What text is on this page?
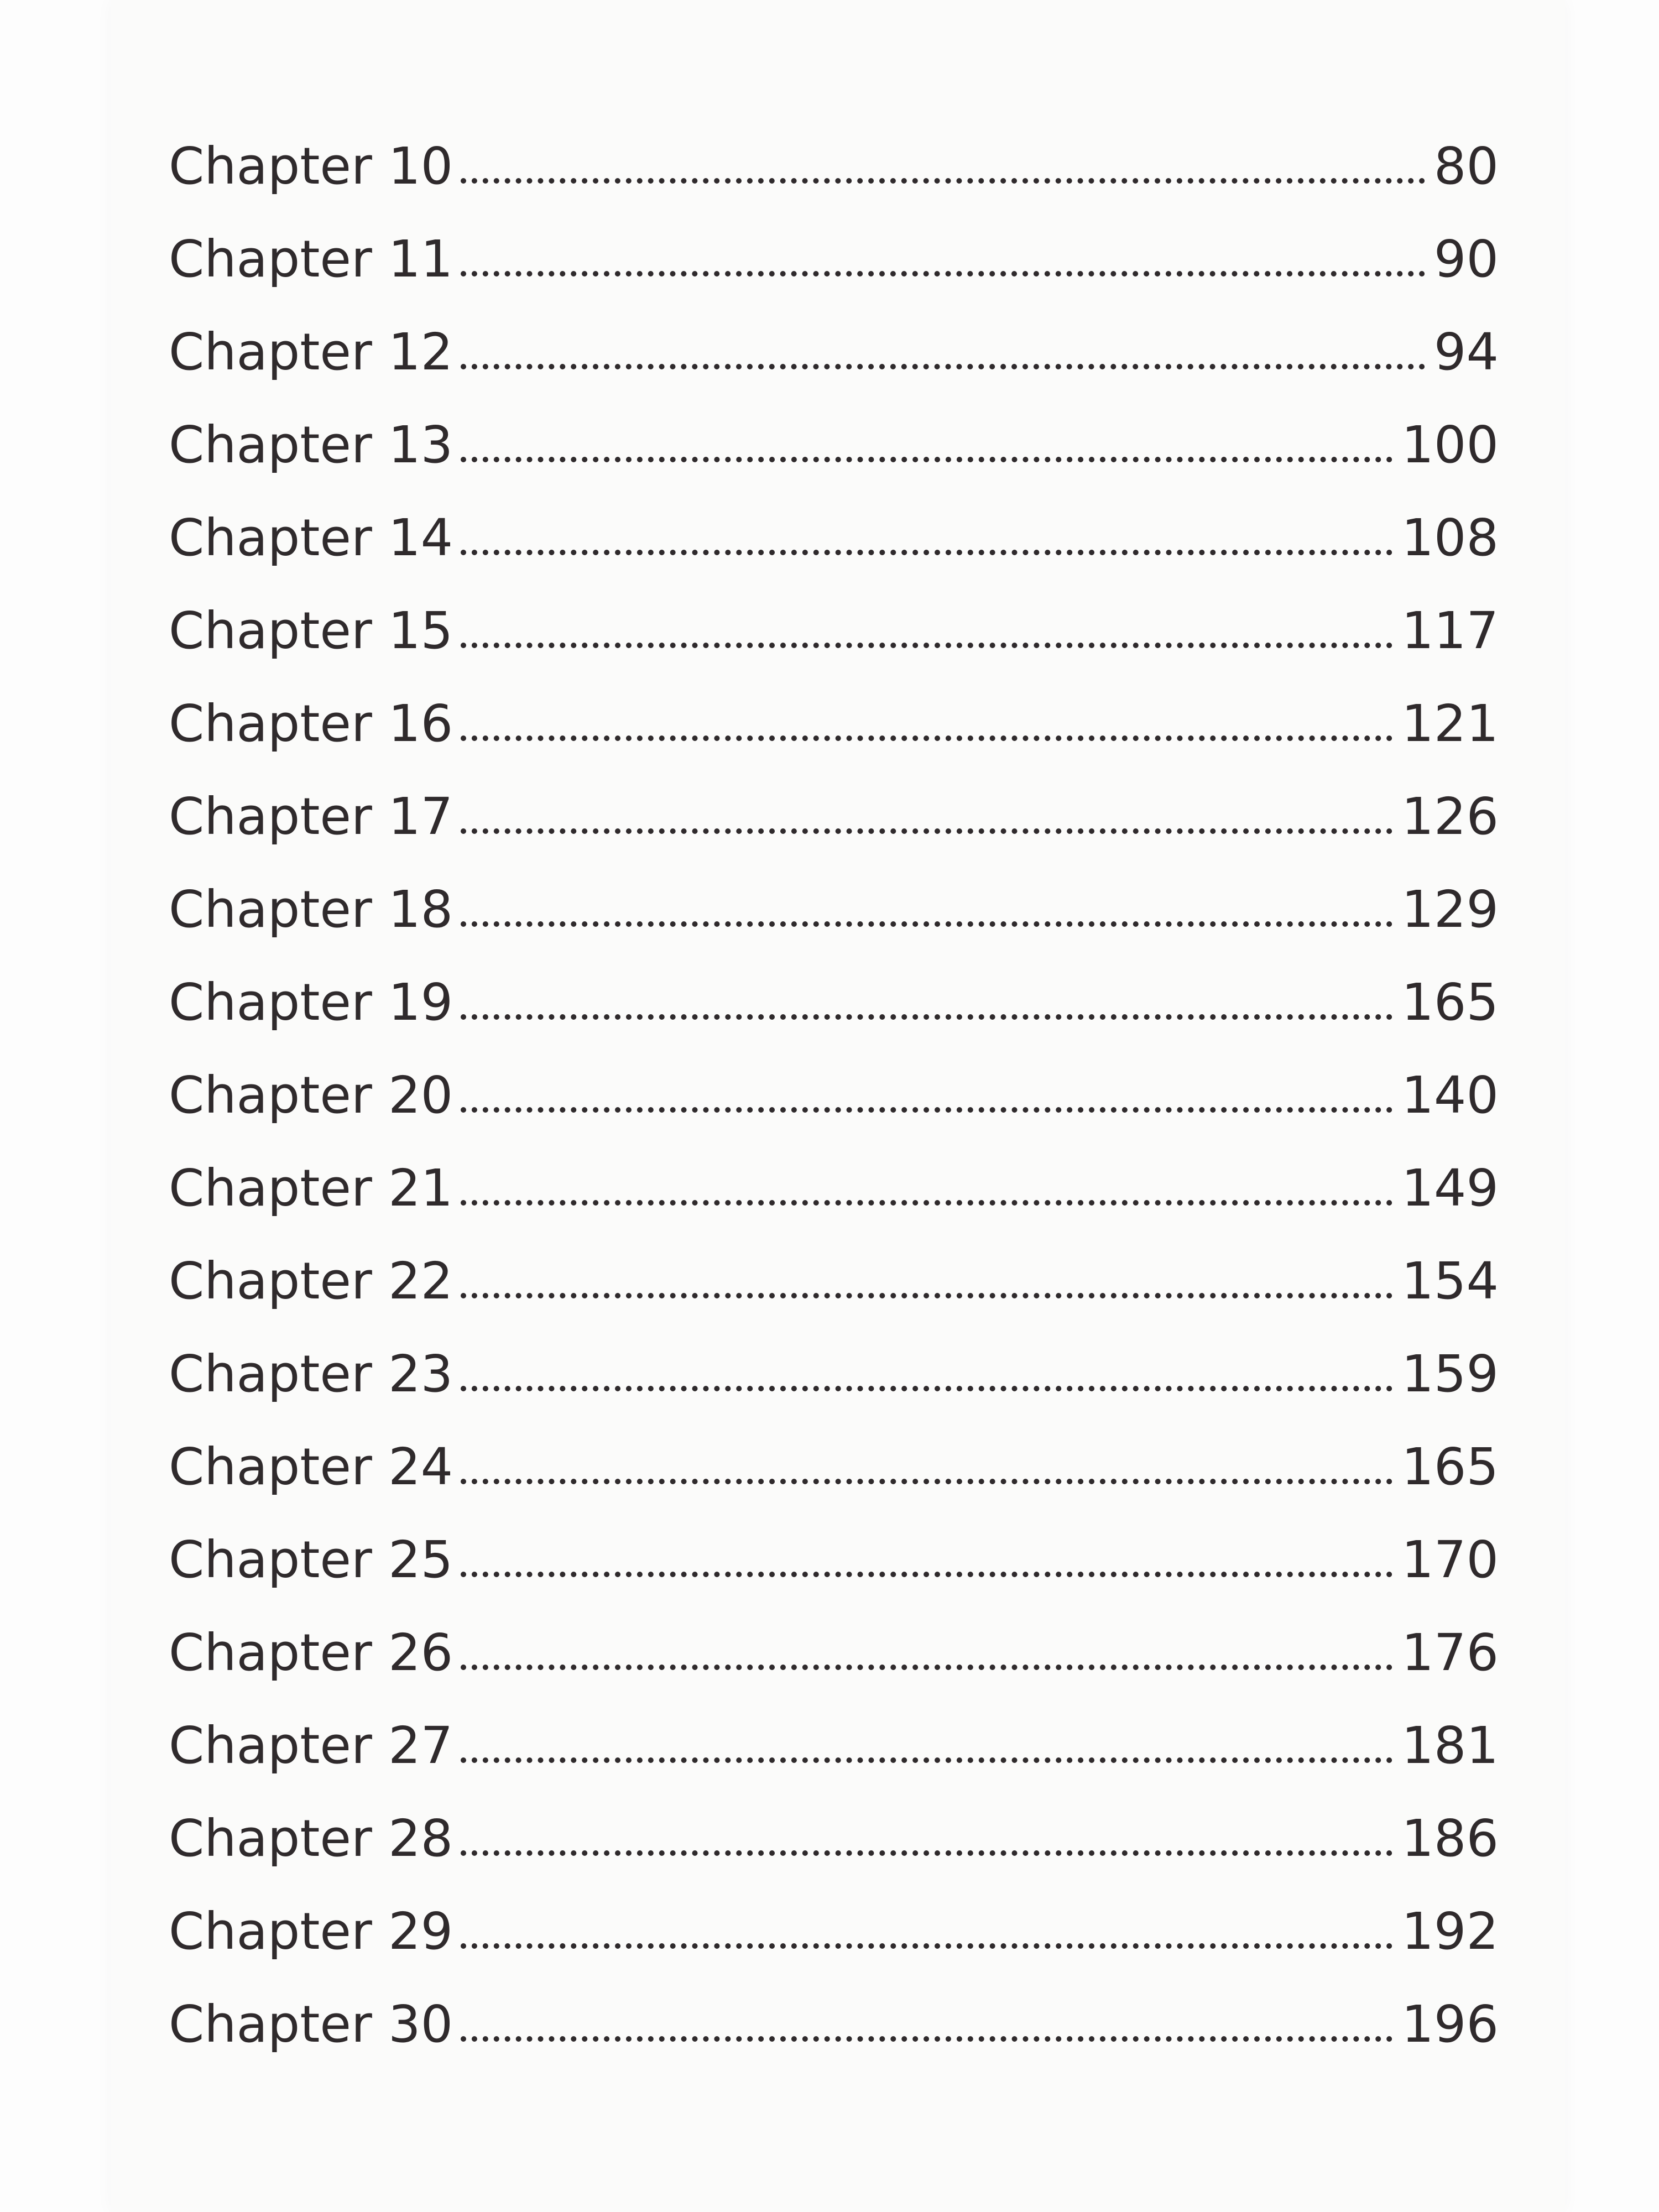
Chapter 10	80
Chapter 11	90
Chapter 12	94
Chapter 13	100
Chapter 14	108
Chapter 15	117
Chapter 16	121
Chapter 17	126
Chapter 18	129
Chapter 19	165
Chapter 20	140
Chapter 21	149
Chapter 22	154
Chapter 23	159
Chapter 24	165
Chapter 25	170
Chapter 26	176
Chapter 27	181
Chapter 28	186
Chapter 29	192
Chapter 30	196
